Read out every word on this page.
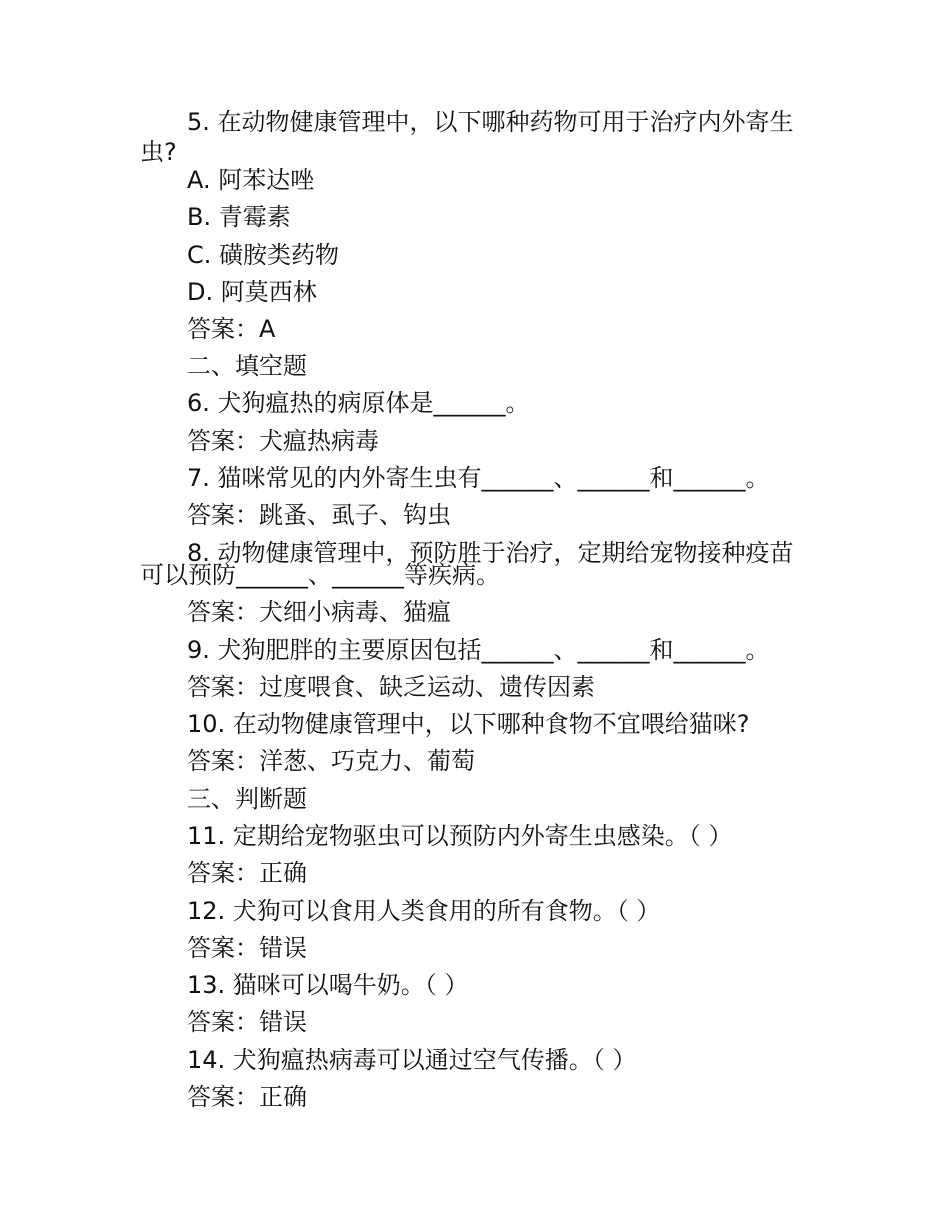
5. 在动物健康管理中，以下哪种药物可用于治疗内外寄生
虫?
A. 阿苯达唑
B. 青霉素
C. 磺胺类药物
D. 阿莫西林
答案：A
二、填空题
6. 犬狗瘟热的病原体是______。
答案：犬瘟热病毒
7. 猫咪常见的内外寄生虫有______、______和______。
答案：跳蚤、虱子、钩虫
8. 动物健康管理中，预防胜于治疗，定期给宠物接种疫苗
可以预防______、______等疾病。
答案：犬细小病毒、猫瘟
9. 犬狗肥胖的主要原因包括______、______和______。
答案：过度喂食、缺乏运动、遗传因素
10. 在动物健康管理中，以下哪种食物不宜喂给猫咪?
答案：洋葱、巧克力、葡萄
三、判断题
11. 定期给宠物驱虫可以预防内外寄生虫感染。（ ）
答案：正确
12. 犬狗可以食用人类食用的所有食物。（ ）
答案：错误
13. 猫咪可以喝牛奶。（ ）
答案：错误
14. 犬狗瘟热病毒可以通过空气传播。（ ）
答案：正确
